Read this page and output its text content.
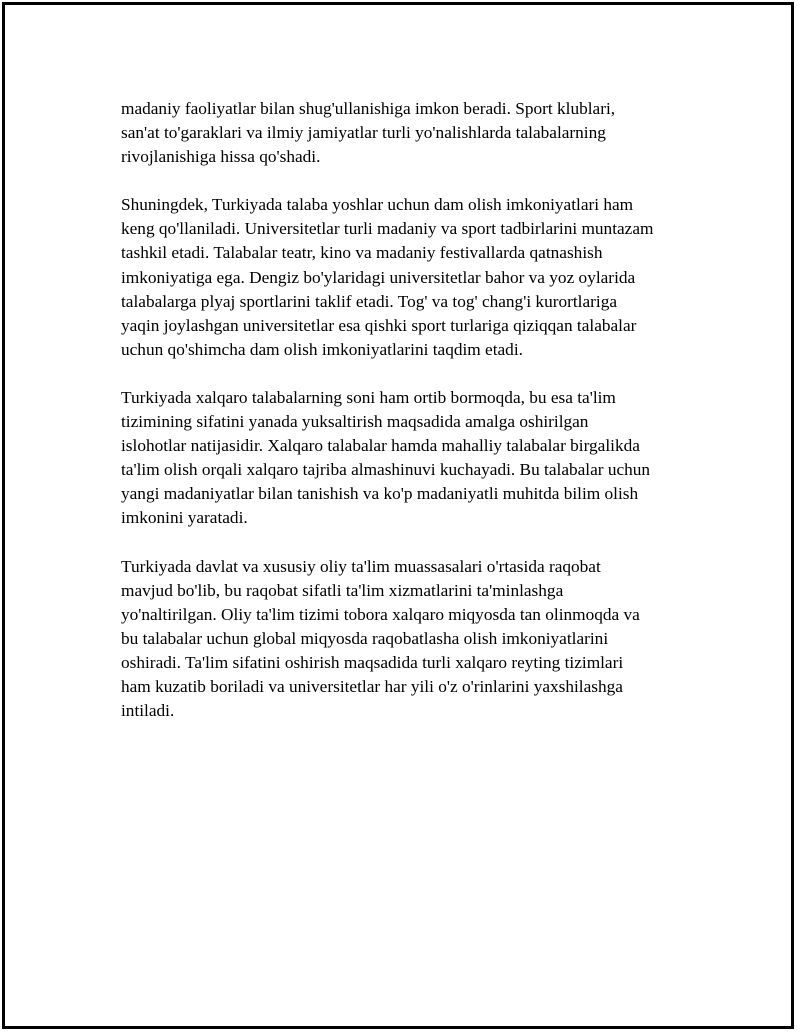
madaniy faoliyatlar bilan shug'ullanishiga imkon beradi. Sport klublari,
san'at to'garaklari va ilmiy jamiyatlar turli yo'nalishlarda talabalarning
rivojlanishiga hissa qo'shadi.

Shuningdek, Turkiyada talaba yoshlar uchun dam olish imkoniyatlari ham
keng qo'llaniladi. Universitetlar turli madaniy va sport tadbirlarini muntazam
tashkil etadi. Talabalar teatr, kino va madaniy festivallarda qatnashish
imkoniyatiga ega. Dengiz bo'ylaridagi universitetlar bahor va yoz oylarida
talabalarga plyaj sportlarini taklif etadi. Tog' va tog' chang'i kurortlariga
yaqin joylashgan universitetlar esa qishki sport turlariga qiziqqan talabalar
uchun qo'shimcha dam olish imkoniyatlarini taqdim etadi.

Turkiyada xalqaro talabalarning soni ham ortib bormoqda, bu esa ta'lim
tizimining sifatini yanada yuksaltirish maqsadida amalga oshirilgan
islohotlar natijasidir. Xalqaro talabalar hamda mahalliy talabalar birgalikda
ta'lim olish orqali xalqaro tajriba almashinuvi kuchayadi. Bu talabalar uchun
yangi madaniyatlar bilan tanishish va ko'p madaniyatli muhitda bilim olish
imkonini yaratadi.

Turkiyada davlat va xususiy oliy ta'lim muassasalari o'rtasida raqobat
mavjud bo'lib, bu raqobat sifatli ta'lim xizmatlarini ta'minlashga
yo'naltirilgan. Oliy ta'lim tizimi tobora xalqaro miqyosda tan olinmoqda va
bu talabalar uchun global miqyosda raqobatlasha olish imkoniyatlarini
oshiradi. Ta'lim sifatini oshirish maqsadida turli xalqaro reyting tizimlari
ham kuzatib boriladi va universitetlar har yili o'z o'rinlarini yaxshilashga
intiladi.
